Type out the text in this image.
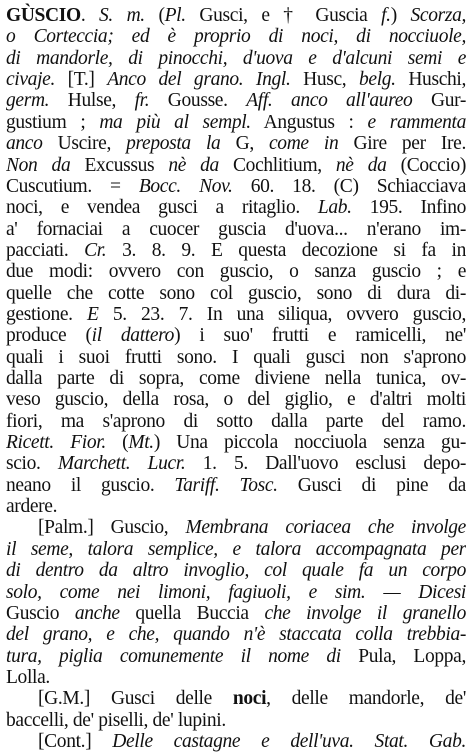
GÙSCIO. S. m. (Pl. Gusci, e † Guscia f.) Scorza,
o Corteccia; ed è proprio di noci, di nocciuole,
di mandorle, di pinocchi, d'uova e d'alcuni semi e
civaje. [T.] Anco del grano. Ingl. Husc, belg. Huschi,
germ. Hulse, fr. Gousse. Aff. anco all'aureo Gur-
gustium ; ma più al sempl. Angustus : e rammenta
anco Uscire, preposta la G, come in Gire per Ire.
Non da Excussus nè da Cochlitium, nè da (Coccio)
Cuscutium. = Bocc. Nov. 60. 18. (C) Schiacciava
noci, e vendea gusci a ritaglio. Lab. 195. Infino
a' fornaciai a cuocer guscia d'uova... n'erano im-
pacciati. Cr. 3. 8. 9. E questa decozione si fa in
due modi: ovvero con guscio, o sanza guscio ; e
quelle che cotte sono col guscio, sono di dura di-
gestione. E 5. 23. 7. In una siliqua, ovvero guscio,
produce (il dattero) i suo' frutti e ramicelli, ne'
quali i suoi frutti sono. I quali gusci non s'aprono
dalla parte di sopra, come diviene nella tunica, ov-
veso guscio, della rosa, o del giglio, e d'altri molti
fiori, ma s'aprono di sotto dalla parte del ramo.
Ricett. Fior. (Mt.) Una piccola nocciuola senza gu-
scio. Marchett. Lucr. 1. 5. Dall'uovo esclusi depo-
neano il guscio. Tariff. Tosc. Gusci di pine da
ardere.
[Palm.] Guscio, Membrana coriacea che involge
il seme, talora semplice, e talora accompagnata per
di dentro da altro invoglio, col quale fa un corpo
solo, come nei limoni, fagiuoli, e sim. — Dicesi
Guscio anche quella Buccia che involge il granello
del grano, e che, quando n'è staccata colla trebbia-
tura, piglia comunemente il nome di Pula, Loppa,
Lolla.
[G.M.] Gusci delle noci, delle mandorle, de'
baccelli, de' piselli, de' lupini.
[Cont.] Delle castagne e dell'uva. Stat. Gab.
